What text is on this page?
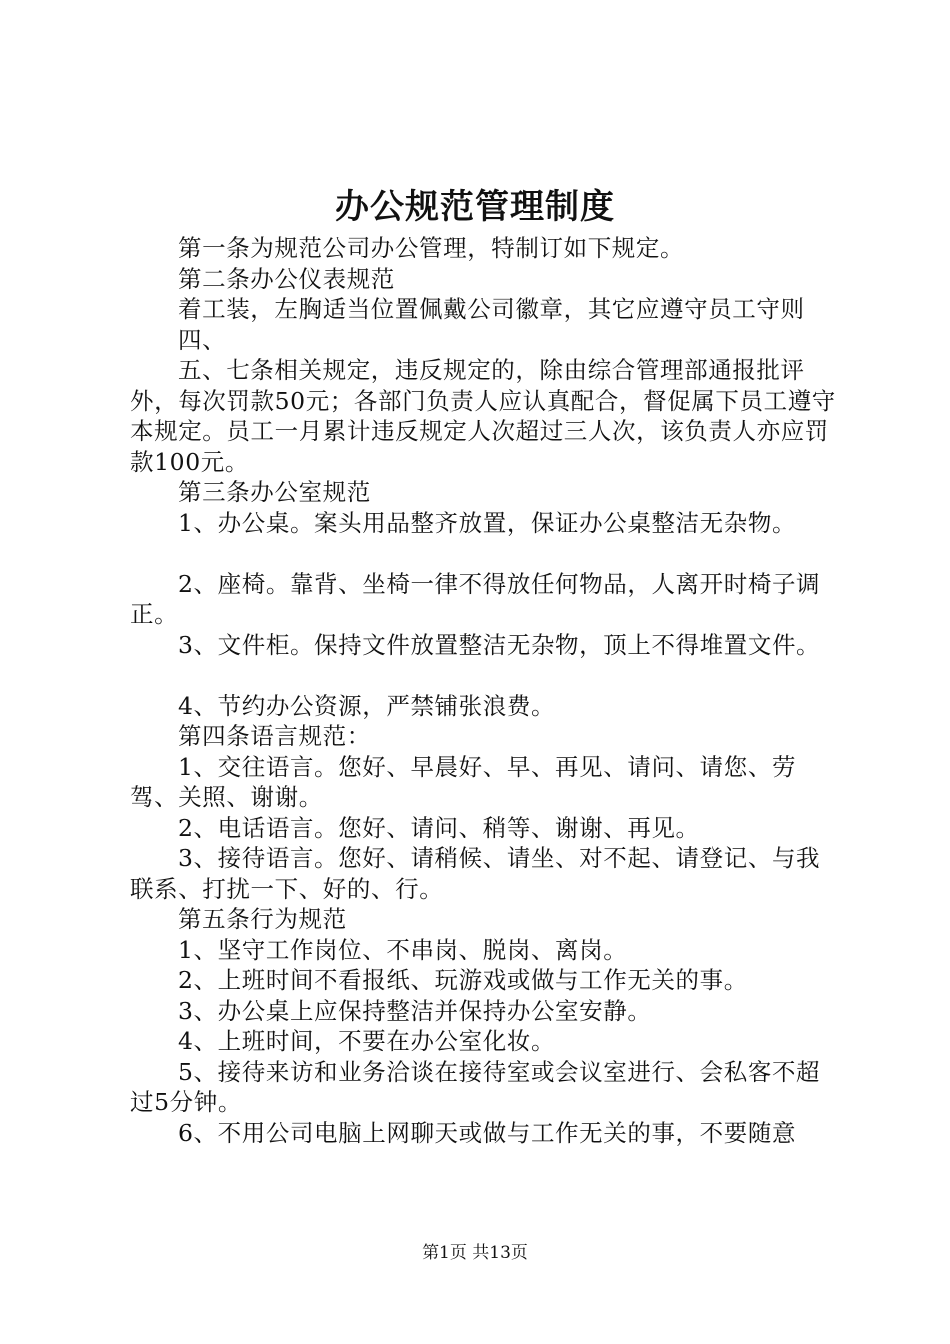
办公规范管理制度

第一条为规范公司办公管理，特制订如下规定。

第二条办公仪表规范

着工装，左胸适当位置佩戴公司徽章，其它应遵守员工守则

四、

五、七条相关规定，违反规定的，除由综合管理部通报批评外，每次罚款50元；各部门负责人应认真配合，督促属下员工遵守本规定。员工一月累计违反规定人次超过三人次，该负责人亦应罚款100元。

第三条办公室规范

1、办公桌。案头用品整齐放置，保证办公桌整洁无杂物。

2、座椅。靠背、坐椅一律不得放任何物品，人离开时椅子调正。

3、文件柜。保持文件放置整洁无杂物，顶上不得堆置文件。

4、节约办公资源，严禁铺张浪费。

第四条语言规范：

1、交往语言。您好、早晨好、早、再见、请问、请您、劳驾、关照、谢谢。

2、电话语言。您好、请问、稍等、谢谢、再见。

3、接待语言。您好、请稍候、请坐、对不起、请登记、与我联系、打扰一下、好的、行。

第五条行为规范

1、坚守工作岗位、不串岗、脱岗、离岗。

2、上班时间不看报纸、玩游戏或做与工作无关的事。

3、办公桌上应保持整洁并保持办公室安静。

4、上班时间，不要在办公室化妆。

5、接待来访和业务洽谈在接待室或会议室进行、会私客不超过5分钟。

6、不用公司电脑上网聊天或做与工作无关的事，不要随意

第1页 共13页
